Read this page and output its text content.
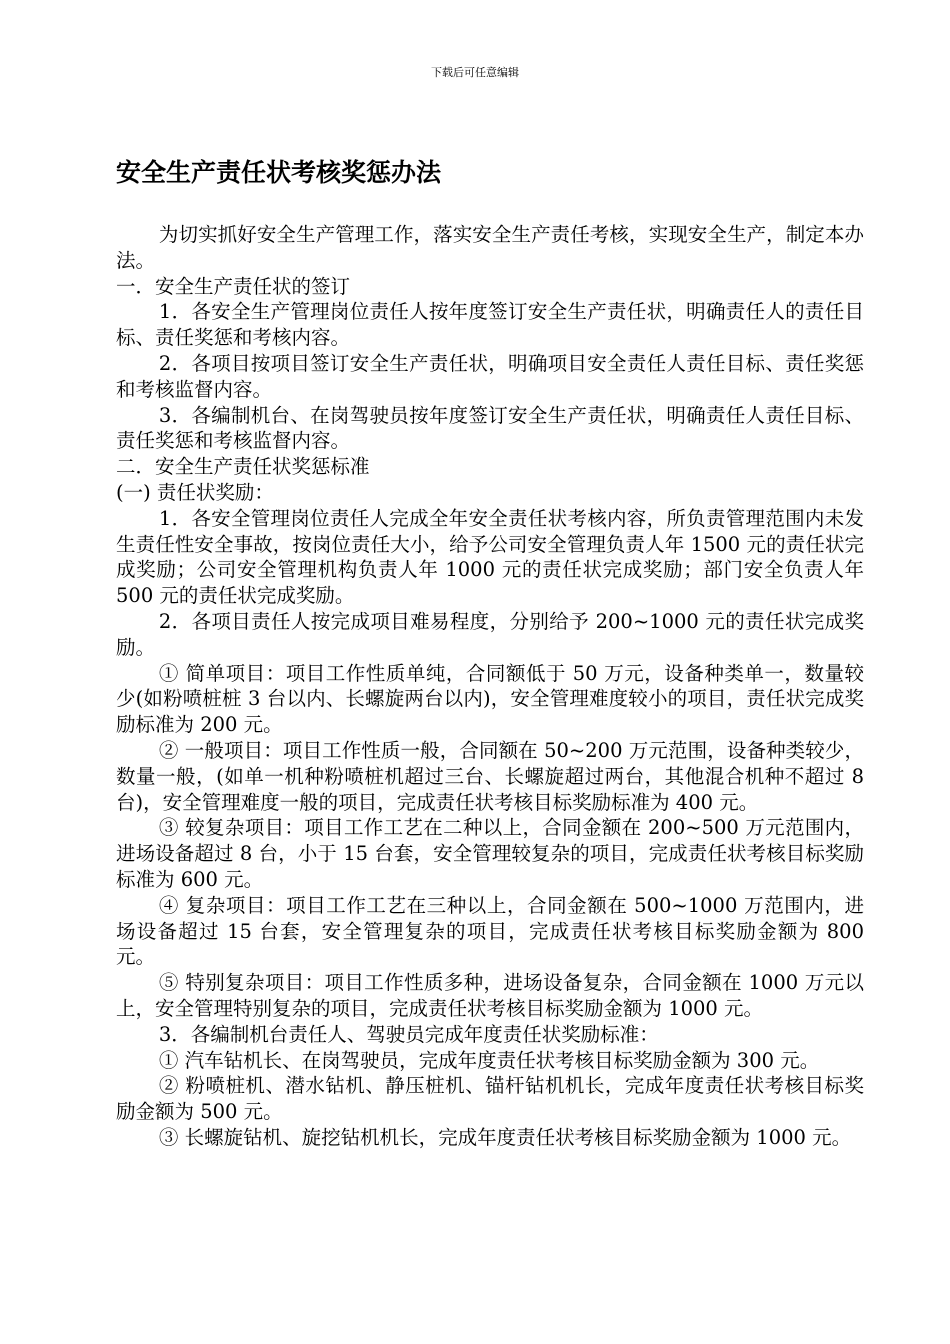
下载后可任意编辑
安全生产责任状考核奖惩办法

为切实抓好安全生产管理工作，落实安全生产责任考核，实现安全生产，制定本办法。

一．安全生产责任状的签订

1．各安全生产管理岗位责任人按年度签订安全生产责任状，明确责任人的责任目标、责任奖惩和考核内容。

2．各项目按项目签订安全生产责任状，明确项目安全责任人责任目标、责任奖惩和考核监督内容。

3．各编制机台、在岗驾驶员按年度签订安全生产责任状，明确责任人责任目标、责任奖惩和考核监督内容。

二．安全生产责任状奖惩标准

(一) 责任状奖励：

1．各安全管理岗位责任人完成全年安全责任状考核内容，所负责管理范围内未发生责任性安全事故，按岗位责任大小，给予公司安全管理负责人年 1500 元的责任状完成奖励；公司安全管理机构负责人年 1000 元的责任状完成奖励；部门安全负责人年 500 元的责任状完成奖励。

2．各项目责任人按完成项目难易程度，分别给予 200~1000 元的责任状完成奖励。

① 简单项目：项目工作性质单纯，合同额低于 50 万元，设备种类单一，数量较少(如粉喷桩桩 3 台以内、长螺旋两台以内)，安全管理难度较小的项目，责任状完成奖励标准为 200 元。

② 一般项目：项目工作性质一般，合同额在 50~200 万元范围，设备种类较少，数量一般，(如单一机种粉喷桩机超过三台、长螺旋超过两台，其他混合机种不超过 8 台)，安全管理难度一般的项目，完成责任状考核目标奖励标准为 400 元。

③ 较复杂项目：项目工作工艺在二种以上，合同金额在 200~500 万元范围内，进场设备超过 8 台，小于 15 台套，安全管理较复杂的项目，完成责任状考核目标奖励标准为 600 元。

④ 复杂项目：项目工作工艺在三种以上，合同金额在 500~1000 万范围内，进场设备超过 15 台套，安全管理复杂的项目，完成责任状考核目标奖励金额为 800 元。

⑤ 特别复杂项目：项目工作性质多种，进场设备复杂，合同金额在 1000 万元以上，安全管理特别复杂的项目，完成责任状考核目标奖励金额为 1000 元。

3．各编制机台责任人、驾驶员完成年度责任状奖励标准：

① 汽车钻机长、在岗驾驶员，完成年度责任状考核目标奖励金额为 300 元。

② 粉喷桩机、潜水钻机、静压桩机、锚杆钻机机长，完成年度责任状考核目标奖励金额为 500 元。

③ 长螺旋钻机、旋挖钻机机长，完成年度责任状考核目标奖励金额为 1000 元。
